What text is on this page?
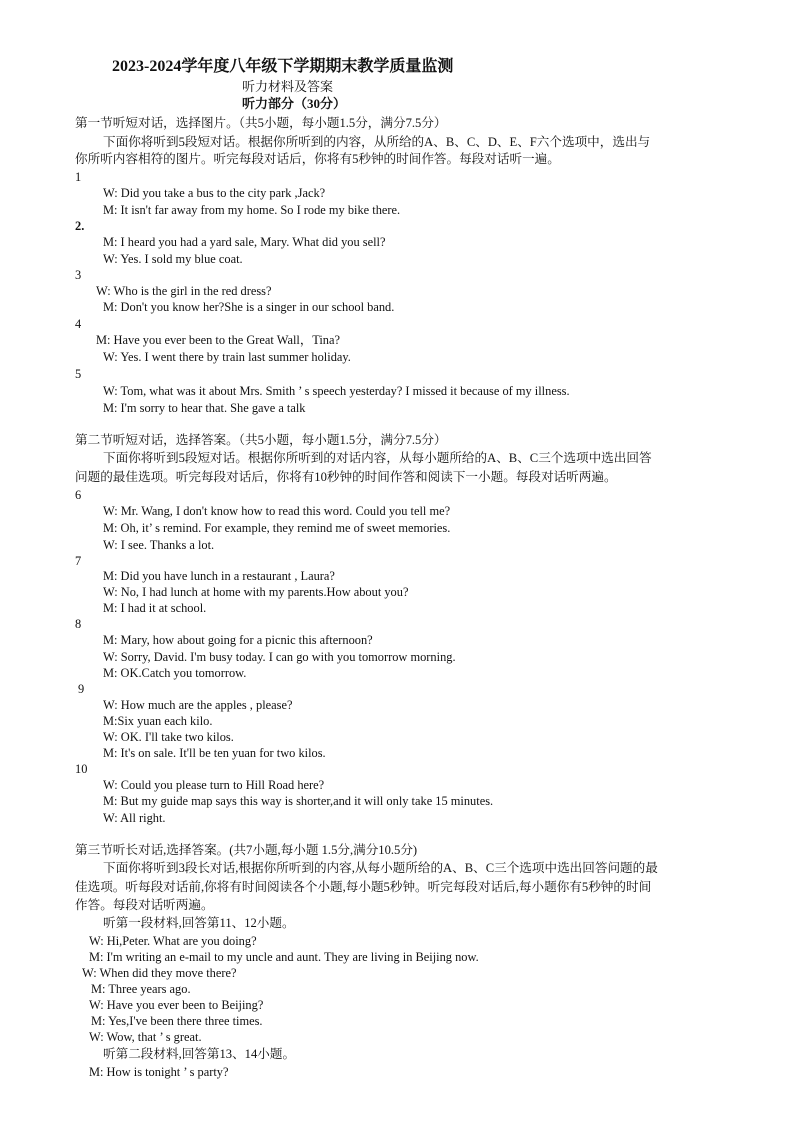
2023-2024学年度八年级下学期期末教学质量监测
听力材料及答案
听力部分（30分）
第一节听短对话，选择图片。（共5小题，每小题1.5分，满分7.5分）
下面你将听到5段短对话。根据你所听到的内容，从所给的A、B、C、D、E、F六个选项中，选出与
你所听内容相符的图片。听完每段对话后，你将有5秒钟的时间作答。每段对话听一遍。
1
W: Did you take a bus to the city park ,Jack?
M: It isn't far away from my home. So I rode my bike there.
2.
M: I heard you had a yard sale, Mary. What did you sell?
W: Yes. I sold my blue coat.
3
W: Who is the girl in the red dress?
M: Don't you know her?She is a singer in our school band.
4
M: Have you ever been to the Great Wall，Tina?
W: Yes. I went there by train last summer holiday.
5
W: Tom, what was it about Mrs. Smith ’ s speech yesterday? I missed it because of my illness.
M: I'm sorry to hear that. She gave a talk
第二节听短对话，选择答案。（共5小题，每小题1.5分，满分7.5分）
下面你将听到5段短对话。根据你所听到的对话内容，从每小题所给的A、B、C三个选项中选出回答
问题的最佳选项。听完每段对话后，你将有10秒钟的时间作答和阅读下一小题。每段对话听两遍。
6
W: Mr. Wang, I don't know how to read this word. Could you tell me?
M: Oh, it’ s remind. For example, they remind me of sweet memories.
W: I see. Thanks a lot.
7
M: Did you have lunch in a restaurant , Laura?
W: No, I had lunch at home with my parents.How about you?
M: I had it at school.
8
M: Mary, how about going for a picnic this afternoon?
W: Sorry, David. I'm busy today. I can go with you tomorrow morning.
M: OK.Catch you tomorrow.
9
W: How much are the apples , please?
M:Six yuan each kilo.
W: OK. I'll take two kilos.
M: It's on sale. It'll be ten yuan for two kilos.
10
W: Could you please turn to Hill Road here?
M: But my guide map says this way is shorter,and it will only take 15 minutes.
W: All right.
第三节听长对话,选择答案。(共7小题,每小题 1.5分,满分10.5分)
下面你将听到3段长对话,根据你所听到的内容,从每小题所给的A、B、C三个选项中选出回答问题的最
佳选项。听每段对话前,你将有时间阅读各个小题,每小题5秒钟。听完每段对话后,每小题你有5秒钟的时间
作答。每段对话听两遍。
听第一段材料,回答第11、12小题。
W: Hi,Peter. What are you doing?
M: I'm writing an e-mail to my uncle and aunt. They are living in Beijing now.
W: When did they move there?
M: Three years ago.
W: Have you ever been to Beijing?
M: Yes,I've been there three times.
W: Wow, that ’ s great.
听第二段材料,回答第13、14小题。
M: How is tonight ’ s party?
